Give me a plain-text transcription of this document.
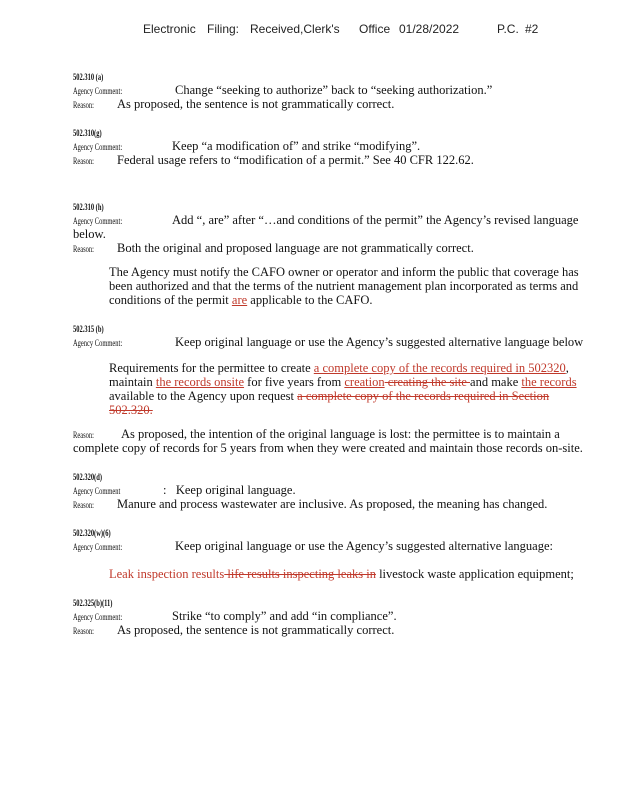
Electronic Filing: Received,Clerk's Office 01/28/2022	P.C. #2
502.310 (a)
Agency Comment:	Change “seeking to authorize” back to “seeking authorization.”
Reason:	As proposed, the sentence is not grammatically correct.
502.310(g)
Agency Comment:	Keep “a modification of” and strike “modifying”.
Reason:	Federal usage refers to “modification of a permit.” See 40 CFR 122.62.
502.310 (h)
Agency Comment:	Add “, are” after “…and conditions of the permit” the Agency’s revised language below.
Reason:	Both the original and proposed language are not grammatically correct.
The Agency must notify the CAFO owner or operator and inform the public that coverage has been authorized and that the terms of the nutrient management plan incorporated as terms and conditions of the permit are applicable to the CAFO.
502.315 (b)
Agency Comment:	Keep original language or use the Agency’s suggested alternative language below
Requirements for the permittee to create a complete copy of the records required in 502320, maintain the records onsite for five years from creation creating the site and make the records available to the Agency upon request a complete copy of the records required in Section 502.320.
Reason:	As proposed, the intention of the original language is lost: the permittee is to maintain a complete copy of records for 5 years from when they were created and maintain those records on-site.
502.320(d)
Agency Comment	: Keep original language.
Reason:	Manure and process wastewater are inclusive. As proposed, the meaning has changed.
502.320(w)(6)
Agency Comment:	Keep original language or use the Agency’s suggested alternative language:
Leak inspection results life results inspecting leaks in livestock waste application equipment;
502.325(b)(11)
Agency Comment:	Strike “to comply” and add “in compliance”.
Reason:	As proposed, the sentence is not grammatically correct.
